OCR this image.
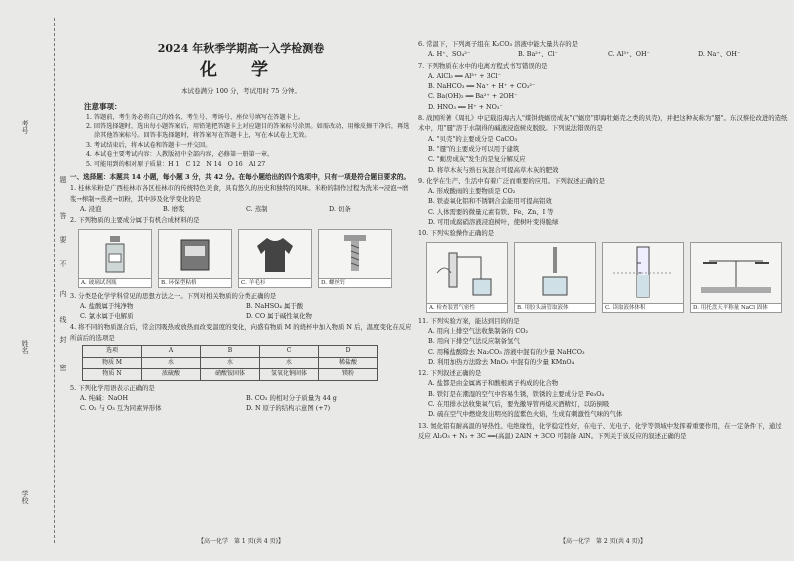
考号
题
答
要
不
内
线
封
密
姓名
学校
2024 年秋季学期高一入学检测卷
化 学
本试卷满分 100 分，考试用时 75 分钟。
注意事项：
1. 答题前，考生务必将自己的姓名、考生号、考场号、座位号填写在答题卡上。
2. 回答选择题时，选出每小题答案后，用铅笔把答题卡上对应题目的答案标号涂黑。如需改动，用橡皮擦干净后，再选涂其他答案标号。回答非选择题时，将答案写在答题卡上，写在本试卷上无效。
3. 考试结束后，将本试卷和答题卡一并交回。
4. 本试卷主要考试内容：人教版初中全部内容，必修第一册第一章。
5. 可能用到的相对原子质量：H 1　C 12　N 14　O 16　Al 27
一、选择题：本题共 14 小题，每小题 3 分，共 42 分。在每小题给出的四个选项中，只有一项是符合题目要求的。
1. 桂林米粉是广西桂林市各区桂林市的传统特色美食，具有悠久的历史和独特的风味。米粉的制作过程为洗米→浸泡→磨浆→榨制→蒸煮→切粉，其中涉及化学变化的是
A. 浸泡	B. 磨浆	C. 蒸制	D. 切条
2. 下列物质的主要成分属于有机合成材料的是
A. 玻璃试剂瓶	B. 环保型粘格	C. 羊毛衫	D. 螺丝钉
3. 分类是化学学科常见的思想方法之一。下列对相关物质的分类正确的是
A. 盐酸属于纯净物	B. NaHSO₄ 属于酸
C. 氯水属于电解质	D. CO 属于碱性氧化物
4. 将不同的物质混合后，常会因吸热或放热而改变温度的变化，向盛有物质 M 的烧杯中加入物质 N 后，温度变化在反应所前后的选项是
选项	A	B	C	D
物质 M	水	水	水	稀盐酸
物质 N	浓硫酸	硝酸铵固体	氢氧化钠固体	镁粉
5. 下列化学用语表示正确的是
A. 纯碱：NaOH	B. CO₂ 的相对分子质量为 44 g
C. O₂ 与 O₃ 互为同素异形体	D. N 原子的结构示意图 (+7)
【高一化学　第 1 页(共 4 页)】
6. 常温下，下列离子组在 K₂CO₃ 溶液中能大量共存的是
A. H⁺、SO₄²⁻	B. Ba²⁺、Cl⁻	C. Al³⁺、OH⁻	D. Na⁺、OH⁻
7. 下列物质在水中的电离方程式书写错误的是
A. AlCl₃ ══ Al³⁺ + 3Cl⁻
B. NaHCO₃ ══ Na⁺ + H⁺ + CO₃²⁻
C. Ba(OH)₂ ══ Ba²⁺ + 2OH⁻
D. HNO₃ ══ H⁺ + NO₃⁻
8. 战国所著《周礼》中记载沿海古人"煤饼烧蛎房成灰"("蛎房"即海牡蛎壳之类的贝壳)，并把这种灰称为"蜃"。东汉蔡伦改进的造纸术中，用"蜃"溶于水制得的碱液浸泡树皮脱胶。下列说法错误的是
A. "贝壳"的主要成分是 CaCO₃
B. "蜃"的主要成分可以用于建筑
C. "蛎房成灰"发生的是复分解反应
D. 将草木灰与熟石灰混合可提高草木灰的肥效
9. 化学在生产、生活中有着广泛而重要的应用。下列叙述正确的是
A. 形成酸雨的主要物质是 CO₂
B. 铁壶氧化铝和不锈钢合金能用可提高铝效
C. 人体需要的微量元素有铁、Fe、Zn、I 等
D. 可用成腐硝溶液浸泡树叶，使树叶变得脆绿
10. 下列实验操作正确的是
A. 检查装置气密性	B. 用胶头滴管取液体	C. 读取液体体积	D. 用托盘天平称量 NaCl 固体
11. 下列实验方案，能达到目的的是
A. 用向上排空气法收集制备的 CO₂
B. 用向下排空气法反应制备氢气
C. 用稀盐酸除去 Na₂CO₃ 溶液中混有的少量 NaHCO₃
D. 利用加热方法除去 MnO₂ 中混有的少量 KMnO₄
12. 下列叙述正确的是
A. 盐都是由金属离子和酸根离子构成的化合物
B. 铁钉是在潮湿的空气中容易生锈，铁锈的主要成分是 Fe₃O₄
C. 在用排水法收集氧气后，要先撤导管再熄灭酒精灯，以防倒吸
D. 硫在空气中燃烧发出明亮的蓝紫色火焰，生成有刺激性气味的气体
13. 氮化铝有耐高温的导热性、电绝缘性，化学稳定性好，在电子、光电子、化学等领域中发挥着重要作用，在一定条件下，通过反应 Al₂O₃ + N₂ + 3C ══(高温) 2AlN + 3CO 可制备 AlN。下列关于该反应的叙述正确的是
【高一化学　第 2 页(共 4 页)】
